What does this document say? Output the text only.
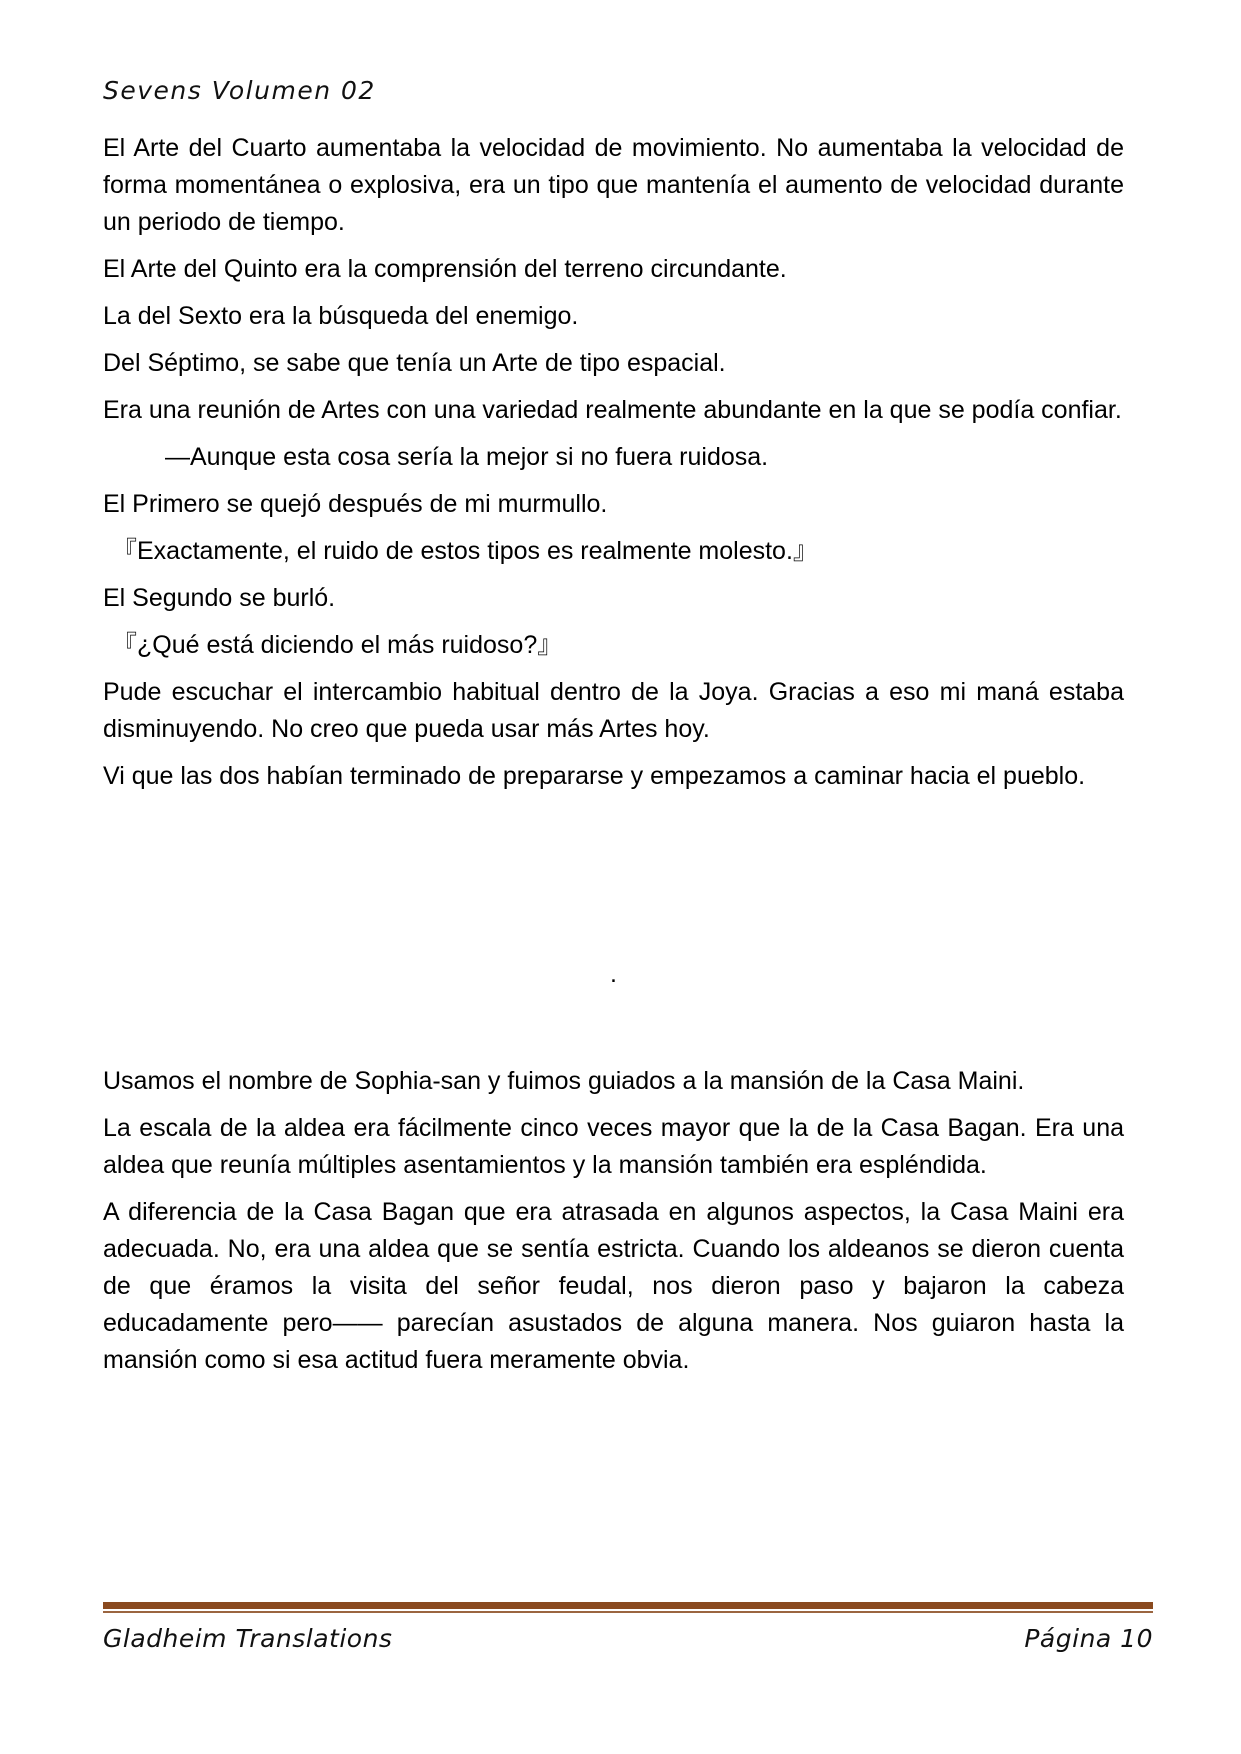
Sevens Volumen 02

El Arte del Cuarto aumentaba la velocidad de movimiento. No aumentaba la velocidad de forma momentánea o explosiva, era un tipo que mantenía el aumento de velocidad durante un periodo de tiempo.

El Arte del Quinto era la comprensión del terreno circundante.

La del Sexto era la búsqueda del enemigo.

Del Séptimo, se sabe que tenía un Arte de tipo espacial.

Era una reunión de Artes con una variedad realmente abundante en la que se podía confiar.

—Aunque esta cosa sería la mejor si no fuera ruidosa.

El Primero se quejó después de mi murmullo.

『Exactamente, el ruido de estos tipos es realmente molesto.』

El Segundo se burló.

『¿Qué está diciendo el más ruidoso?』

Pude escuchar el intercambio habitual dentro de la Joya. Gracias a eso mi maná estaba disminuyendo. No creo que pueda usar más Artes hoy.

Vi que las dos habían terminado de prepararse y empezamos a caminar hacia el pueblo.

.

Usamos el nombre de Sophia-san y fuimos guiados a la mansión de la Casa Maini.

La escala de la aldea era fácilmente cinco veces mayor que la de la Casa Bagan. Era una aldea que reunía múltiples asentamientos y la mansión también era espléndida.

A diferencia de la Casa Bagan que era atrasada en algunos aspectos, la Casa Maini era adecuada. No, era una aldea que se sentía estricta. Cuando los aldeanos se dieron cuenta de que éramos la visita del señor feudal, nos dieron paso y bajaron la cabeza educadamente pero—— parecían asustados de alguna manera. Nos guiaron hasta la mansión como si esa actitud fuera meramente obvia.

Gladheim Translations	Página 10
